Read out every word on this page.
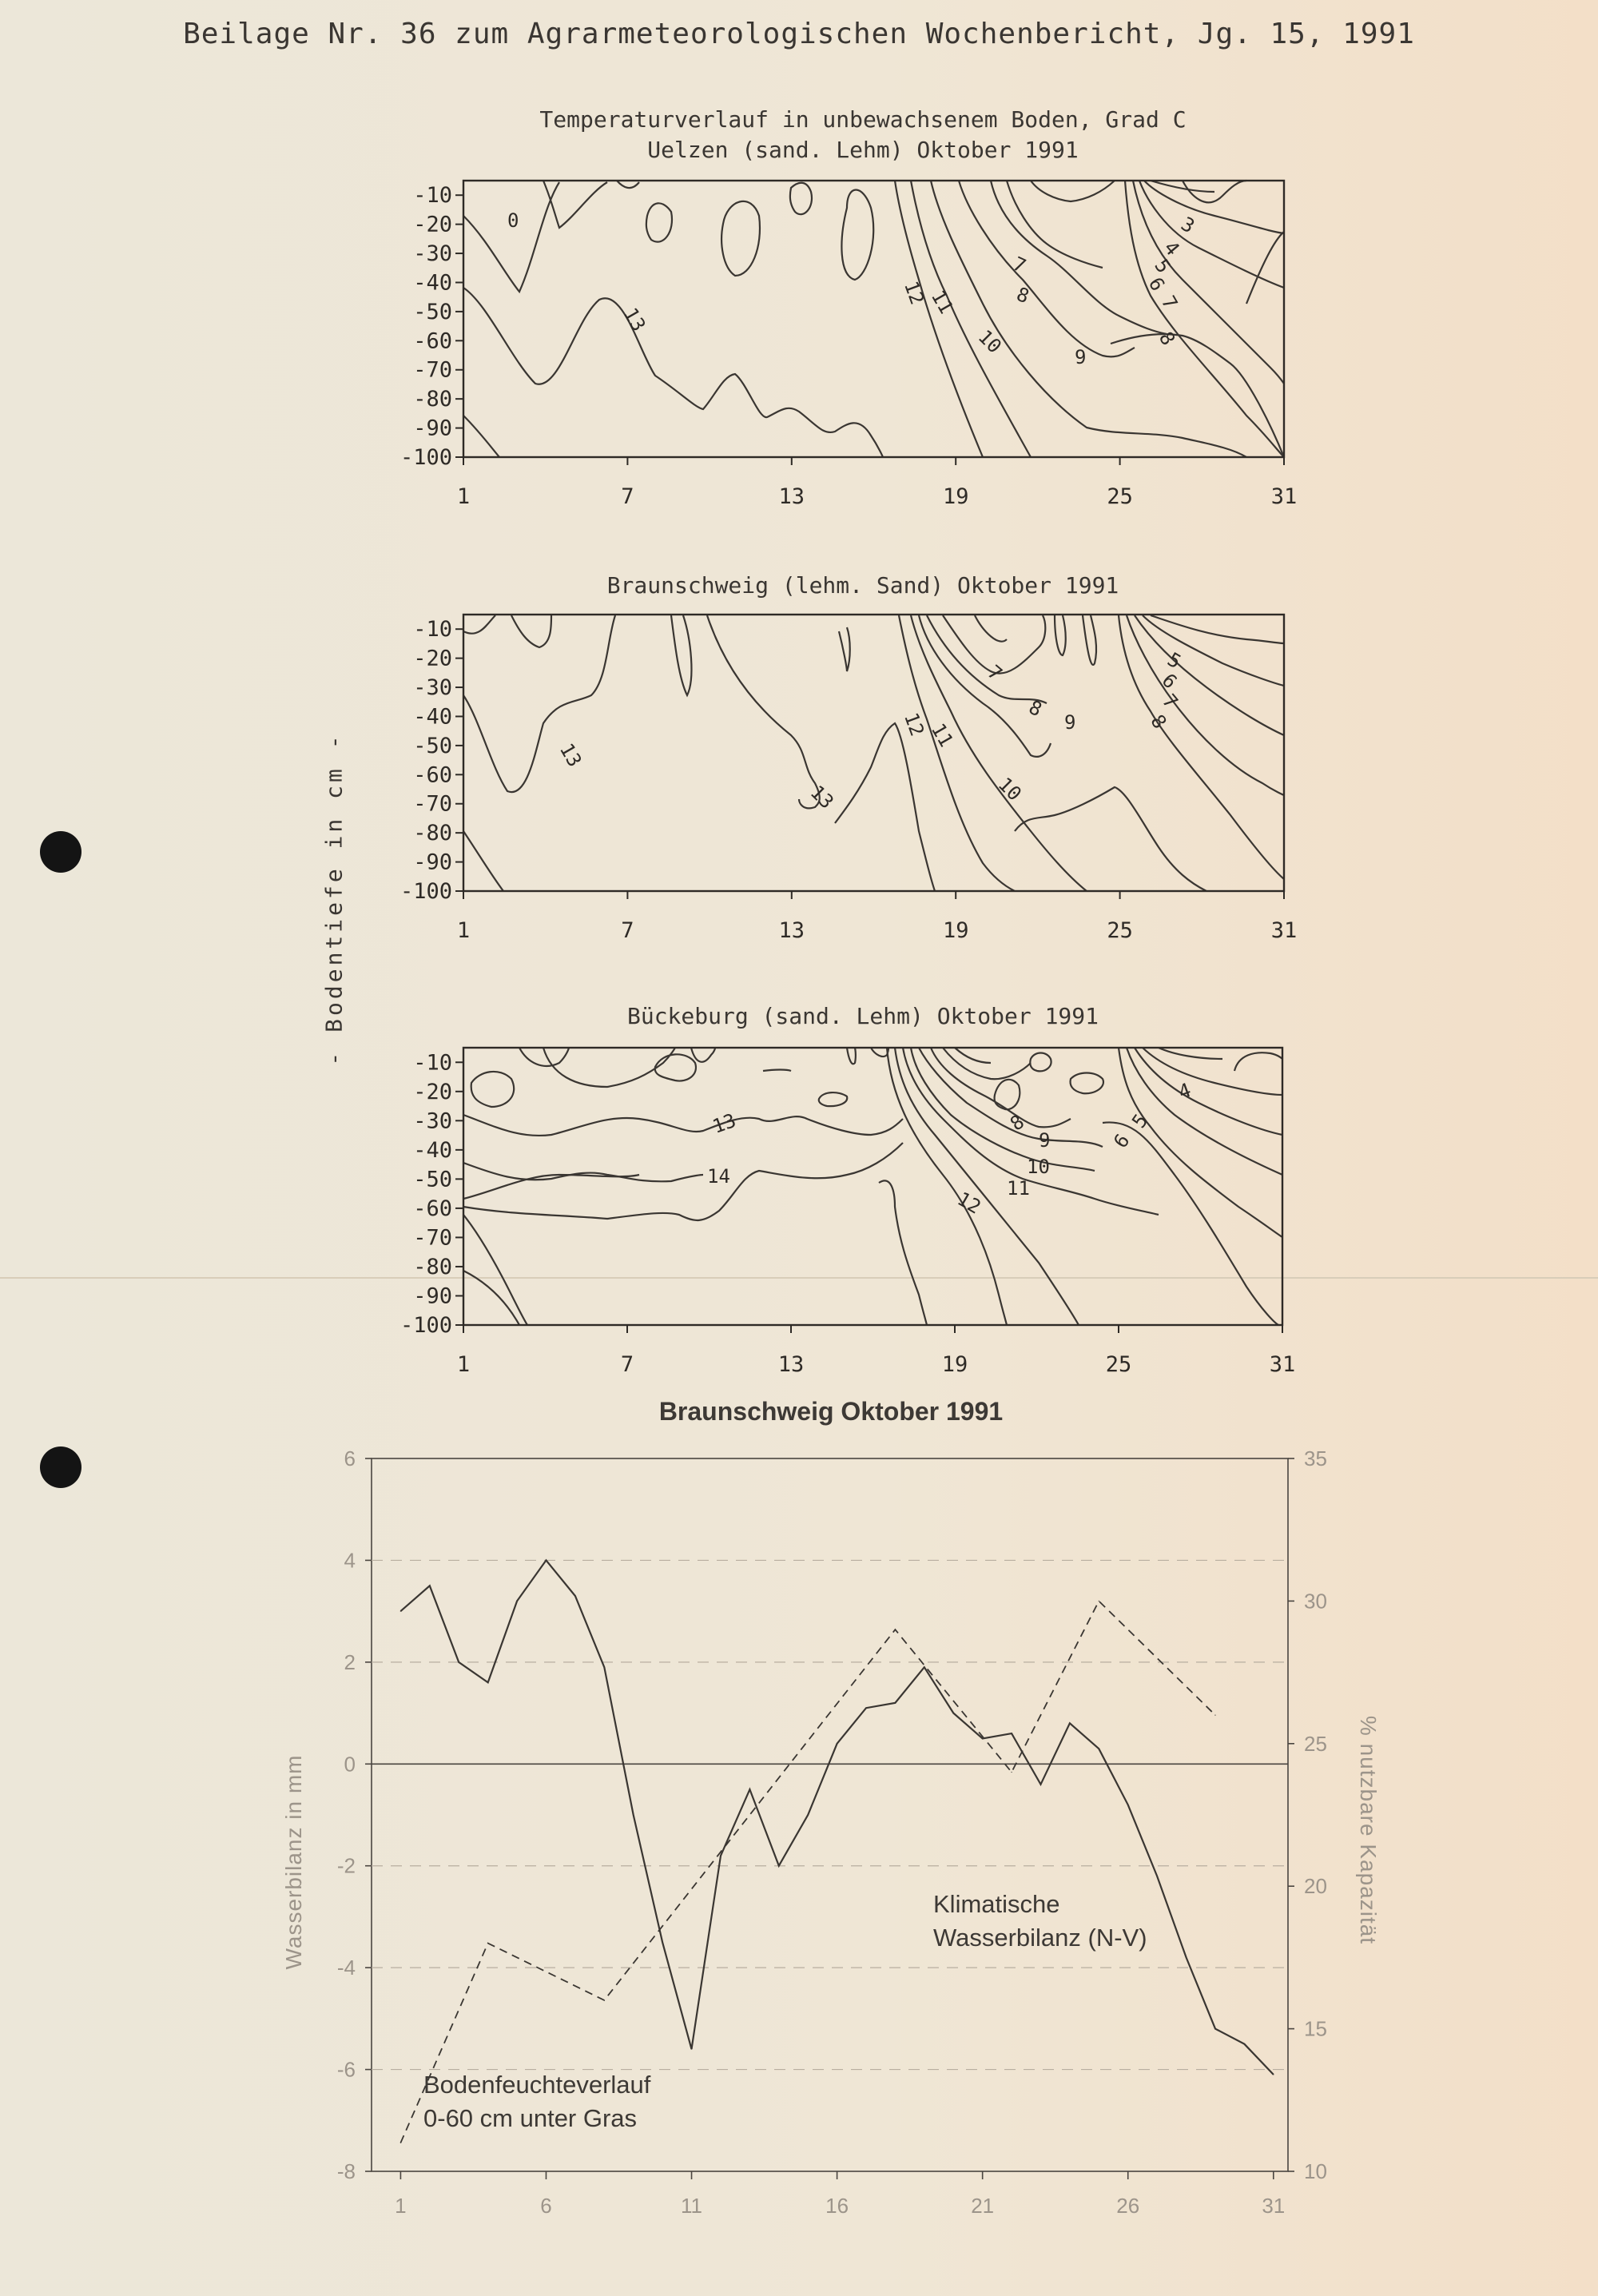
Beilage Nr. 36 zum Agrarmeteorologischen Wochenbericht, Jg. 15, 1991
Temperaturverlauf in unbewachsenem Boden, Grad C
Uelzen (sand. Lehm) Oktober 1991
Braunschweig (lehm. Sand) Oktober 1991
Bückeburg (sand. Lehm) Oktober 1991
- Bodentiefe in cm -
0
13
12
11
10
7
8
9
3
4
5
6
7
8
13
13
12
11
10
7
8
9
5
6
7
8
13
14
12 11
10
9
8
6
5
4
-10
-20
-30
-40
-50
-60
-70
-80
-90
-100
1	7	13	19	25	31
-10
-20
-30
-40
-50
-60
-70
-80
-90
-100
1	7	13	19	25	31
-10
-20
-30
-40
-50
-60
-70
-80
-90
-100
1	7	13	19	25	31
Braunschweig Oktober 1991
6
4
2
0
-2
-4
-6
-8
35
30
25
20
15
10
1	6	11	16	21	26	31
Wasserbilanz in mm	% nutzbare Kapazität
Klimatische
Wasserbilanz (N-V)
Bodenfeuchteverlauf
0-60 cm unter Gras
